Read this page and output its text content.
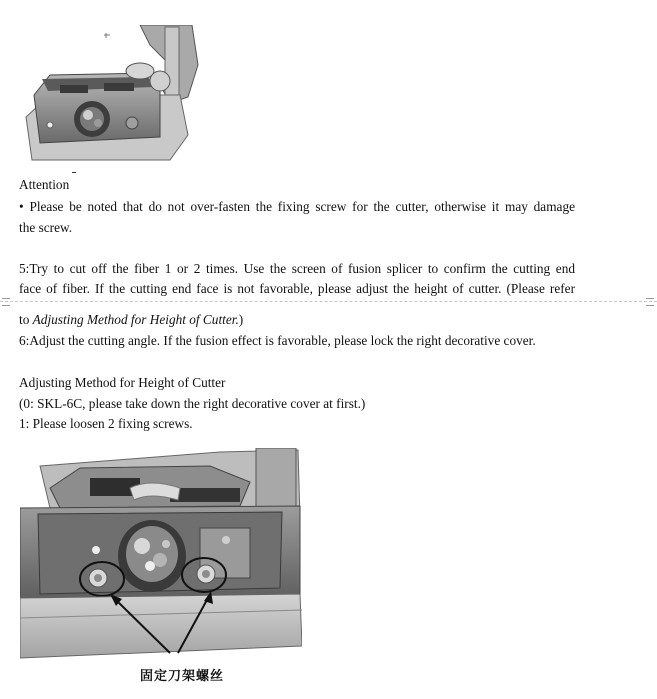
Attention
• Please be noted that do not over-fasten the fixing screw for the cutter, otherwise it may damage
the screw.
5:Try to cut off the fiber 1 or 2 times. Use the screen of fusion splicer to confirm the cutting end
face of fiber. If the cutting end face is not favorable, please adjust the height of cutter. (Please refer
to Adjusting Method for Height of Cutter.)
6:Adjust the cutting angle. If the fusion effect is favorable, please lock the right decorative cover.
Adjusting Method for Height of Cutter
(0: SKL-6C, please take down the right decorative cover at first.)
1: Please loosen 2 fixing screws.
固定刀架螺丝
